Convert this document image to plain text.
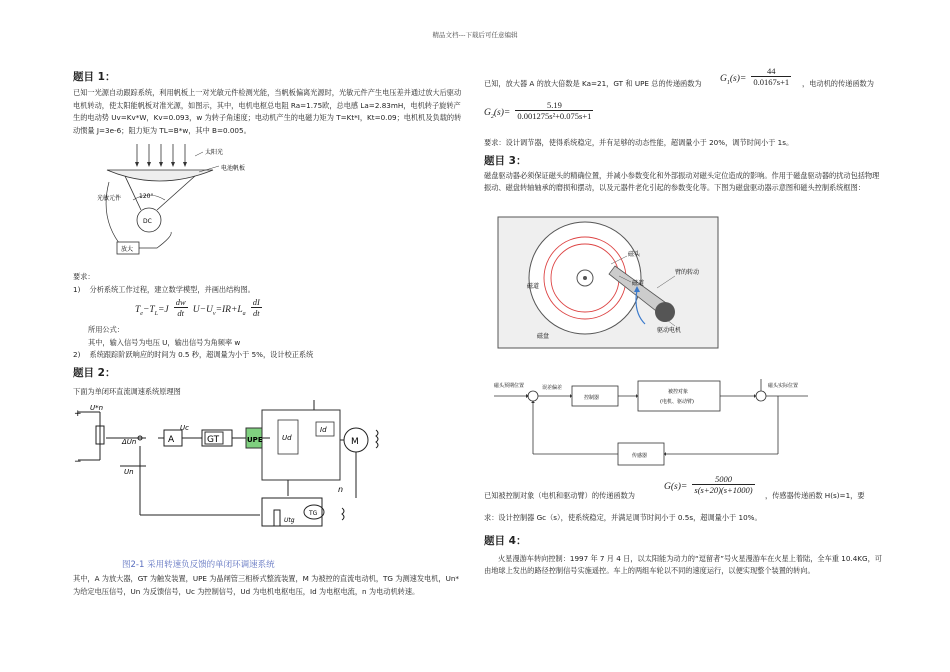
精品文档---下载后可任意编辑

题目 1：

已知一光源自动跟踪系统，利用帆板上一对光敏元件检测光能，当帆板偏离光源时，光敏元件产生电压差并通过放大后驱动电机转动，使太阳能帆板对准光源，如图示，其中，电机电枢总电阻 Ra=1.75欧，总电感 La=2.83mH，电机转子旋转产生的电动势 Uv=Kv*W，Kv=0.093，w 为转子角速度；电动机产生的电磁力矩为 T=Kt*I，Kt=0.09；电机机及负载的转动惯量 J=3e-6；阻力矩为 TL=B*w，其中 B=0.005。

太阳光
电池帆板
光敏元件	120°
DC
放大

要求：

1) 分析系统工作过程，建立数学模型，并画出结构图。

$T_e-T_L=J \frac{dw}{dt} U-U_v=IR+L_a \frac{dI}{dt}$

所用公式：

其中，输入信号为电压 U，输出信号为角频率 w

2) 系统跟踪阶跃响应的时间为 0.5 秒，超调量为小于 5%，设计校正系统

题目 2：

下面为单闭环直流调速系统原理图

+
−
A	GT	UPE	M
TG
U*n
ΔUn
Uc
Ud
Id
Un
Utg
n
图2-1 采用转速负反馈的单闭环调速系统

其中，A 为放大器，GT 为触发装置，UPE 为晶闸管三相桥式整流装置，M 为被控的直流电动机，TG 为测速发电机，Un* 为给定电压信号，Un 为反馈信号，Uc 为控制信号，Ud 为电机电枢电压，Id 为电枢电流，n 为电动机转速。

已知，放大器 A 的放大倍数是 Ka=21，GT 和 UPE 总的传递函数为	$G_1(s)= \frac{44}{0.0167s+1}$ ，电动机的传递函数为
$G_2(s)= \frac{5.19}{\text{0.001275s²+0.075s+1}}$

要求：设计调节器，使得系统稳定，并有足够的动态性能，超调量小于 20%，调节时间小于 1s。

题目 3：

磁盘驱动器必须保证磁头的精确位置，并减小参数变化和外部振动对磁头定位造成的影响。作用于磁盘驱动器的扰动包括物理振动、磁盘转轴轴承的磨损和摆动，以及元器件老化引起的参数变化等。下图为磁盘驱动器示意图和磁头控制系统框图：

磁头
磁道
臂的转动
驱动电机
磁道
磁盘
磁头预期位置	误差偏差
控制器
被控对象
(电机、驱动臂)
磁头实际位置
传感器
已知被控制对象（电机和驱动臂）的传递函数为
$G(s)= \frac{5000}{s(s+20)(s+1000)}$
，传感器传递函数 H(s)=1，要

求：设计控制器 Gc（s），使系统稳定，并满足调节时间小于 0.5s，超调量小于 10%。

题目 4：

火星漫游车转向控制：1997 年 7 月 4 日，以太阳能为动力的“逗留者”号火星漫游车在火星上着陆，全车重 10.4KG，可由地球上发出的路径控制信号实施遥控。车上的两组车轮以不同的速度运行，以便实现整个装置的转向。
